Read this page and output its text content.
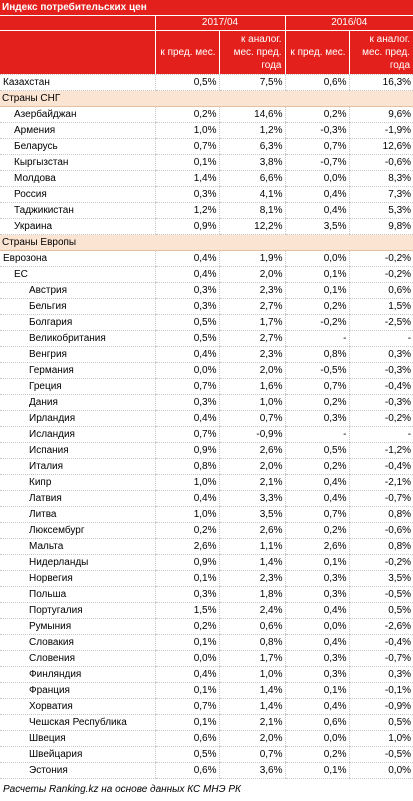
Индекс потребительских цен				
	2017/04		2016/04	
	к пред. мес.	к аналог. мес. пред. года	к пред. мес.	к аналог. мес. пред. года
Казахстан	0,5%	7,5%	0,6%	16,3%
Страны СНГ				
Азербайджан	0,2%	14,6%	0,2%	9,6%
Армения	1,0%	1,2%	-0,3%	-1,9%
Беларусь	0,7%	6,3%	0,7%	12,6%
Кыргызстан	0,1%	3,8%	-0,7%	-0,6%
Молдова	1,4%	6,6%	0,0%	8,3%
Россия	0,3%	4,1%	0,4%	7,3%
Таджикистан	1,2%	8,1%	0,4%	5,3%
Украина	0,9%	12,2%	3,5%	9,8%
Страны Европы				
Еврозона	0,4%	1,9%	0,0%	-0,2%
ЕС	0,4%	2,0%	0,1%	-0,2%
Австрия	0,3%	2,3%	0,1%	0,6%
Бельгия	0,3%	2,7%	0,2%	1,5%
Болгария	0,5%	1,7%	-0,2%	-2,5%
Великобритания	0,5%	2,7%	-	-
Венгрия	0,4%	2,3%	0,8%	0,3%
Германия	0,0%	2,0%	-0,5%	-0,3%
Греция	0,7%	1,6%	0,7%	-0,4%
Дания	0,3%	1,0%	0,2%	-0,3%
Ирландия	0,4%	0,7%	0,3%	-0,2%
Исландия	0,7%	-0,9%	-	-
Испания	0,9%	2,6%	0,5%	-1,2%
Италия	0,8%	2,0%	0,2%	-0,4%
Кипр	1,0%	2,1%	0,4%	-2,1%
Латвия	0,4%	3,3%	0,4%	-0,7%
Литва	1,0%	3,5%	0,7%	0,8%
Люксембург	0,2%	2,6%	0,2%	-0,6%
Мальта	2,6%	1,1%	2,6%	0,8%
Нидерланды	0,9%	1,4%	0,1%	-0,2%
Норвегия	0,1%	2,3%	0,3%	3,5%
Польша	0,3%	1,8%	0,3%	-0,5%
Португалия	1,5%	2,4%	0,4%	0,5%
Румыния	0,2%	0,6%	0,0%	-2,6%
Словакия	0,1%	0,8%	0,4%	-0,4%
Словения	0,0%	1,7%	0,3%	-0,7%
Финляндия	0,4%	1,0%	0,3%	0,3%
Франция	0,1%	1,4%	0,1%	-0,1%
Хорватия	0,7%	1,4%	0,4%	-0,9%
Чешская Республика	0,1%	2,1%	0,6%	0,5%
Швеция	0,6%	2,0%	0,0%	1,0%
Швейцария	0,5%	0,7%	0,2%	-0,5%
Эстония	0,6%	3,6%	0,1%	0,0%
Расчеты Ranking.kz на основе данных КС МНЭ РК
